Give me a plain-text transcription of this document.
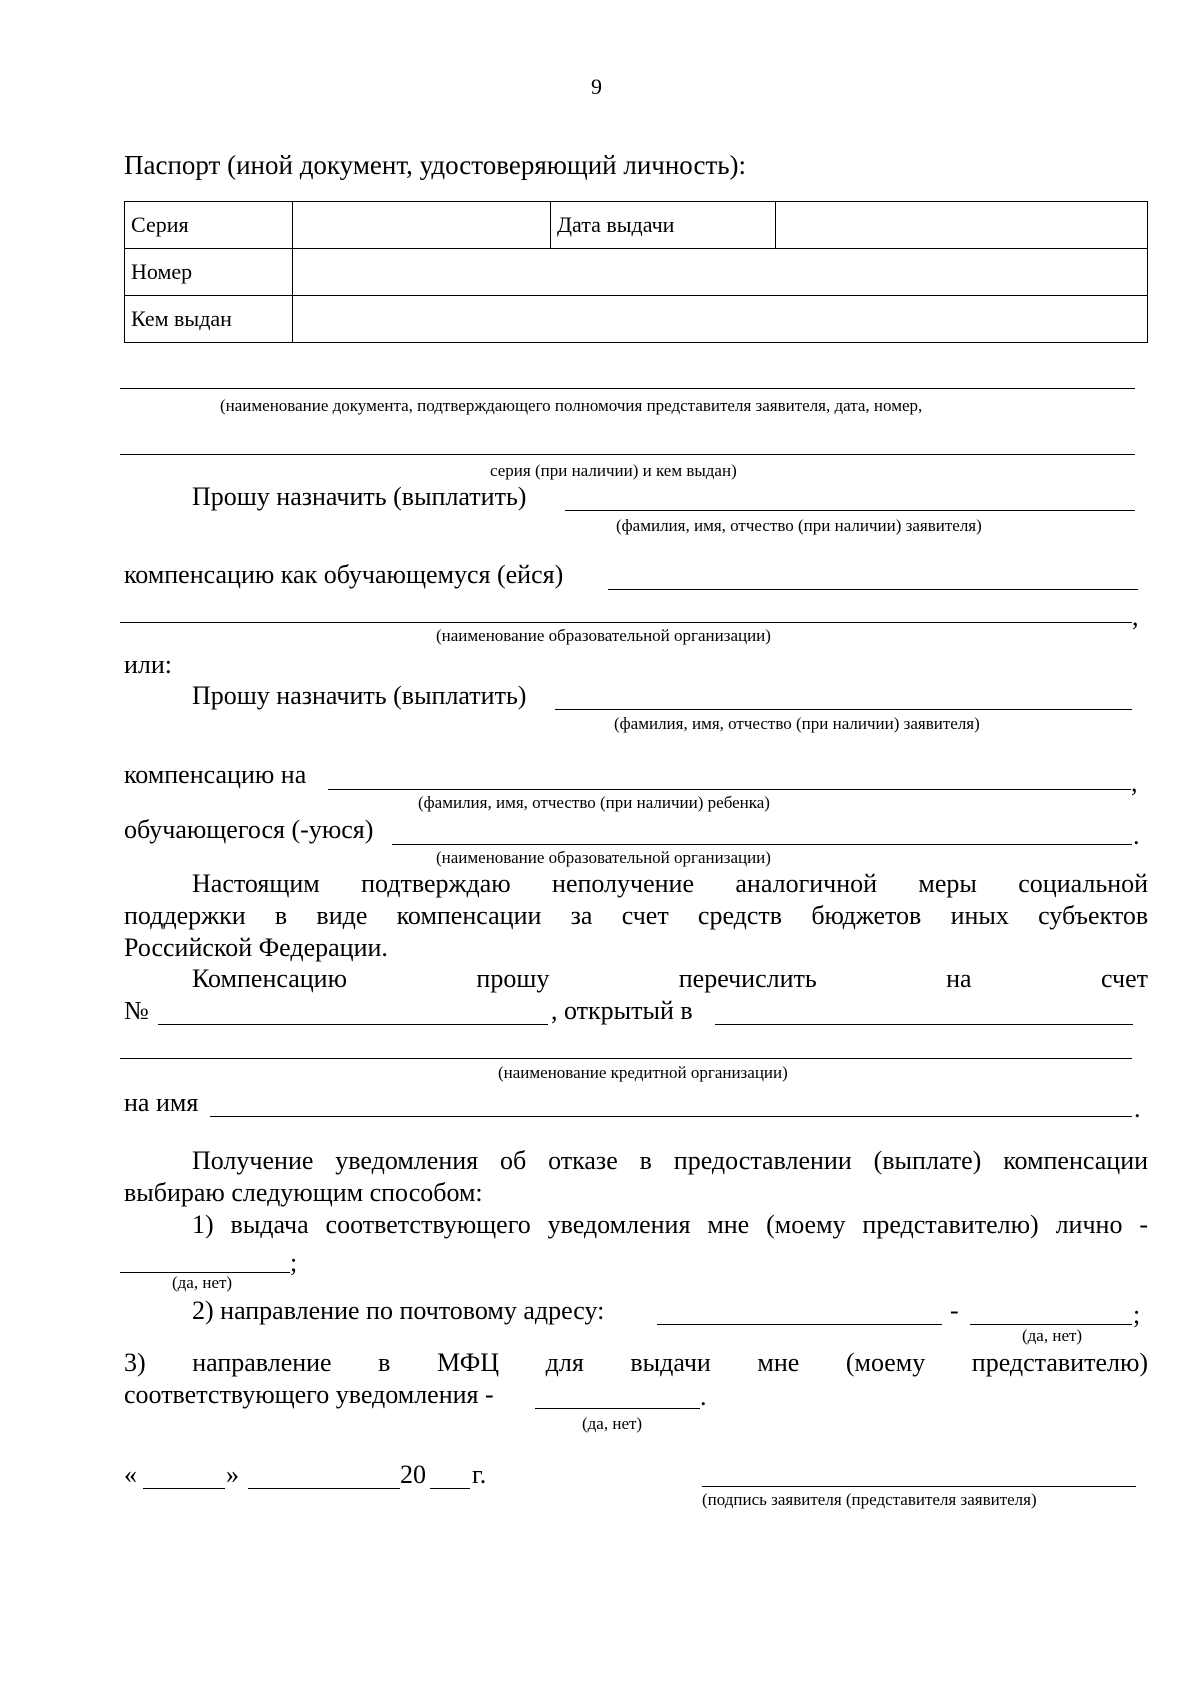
9
Паспорт (иной документ, удостоверяющий личность):
Серия		Дата выдачи	
Номер			
Кем выдан			
(наименование документа, подтверждающего полномочия представителя заявителя, дата, номер,
серия (при наличии) и кем выдан)
Прошу назначить (выплатить)
(фамилия, имя, отчество (при наличии) заявителя)
компенсацию как обучающемуся (ейся)
,
(наименование образовательной организации)
или:
Прошу назначить (выплатить)
(фамилия, имя, отчество (при наличии) заявителя)
компенсацию на	,
(фамилия, имя, отчество (при наличии) ребенка)
обучающегося (-уюся)	.
(наименование образовательной организации)
Настоящим подтверждаю неполучение аналогичной меры социальной
поддержки в виде компенсации за счет средств бюджетов иных субъектов
Российской Федерации.
Компенсацию	прошу	перечислить	на	счет
№	, открытый в
(наименование кредитной организации)
на имя	.
Получение уведомления об отказе в предоставлении (выплате) компенсации
выбираю следующим способом:
1) выдача соответствующего уведомления мне (моему представителю) лично -
;
(да, нет)
2) направление по почтовому адресу:	-	;
(да, нет)
3) направление в МФЦ для выдачи мне (моему представителю)
соответствующего уведомления -	.
(да, нет)
«	»	20 г.
(подпись заявителя (представителя заявителя)
